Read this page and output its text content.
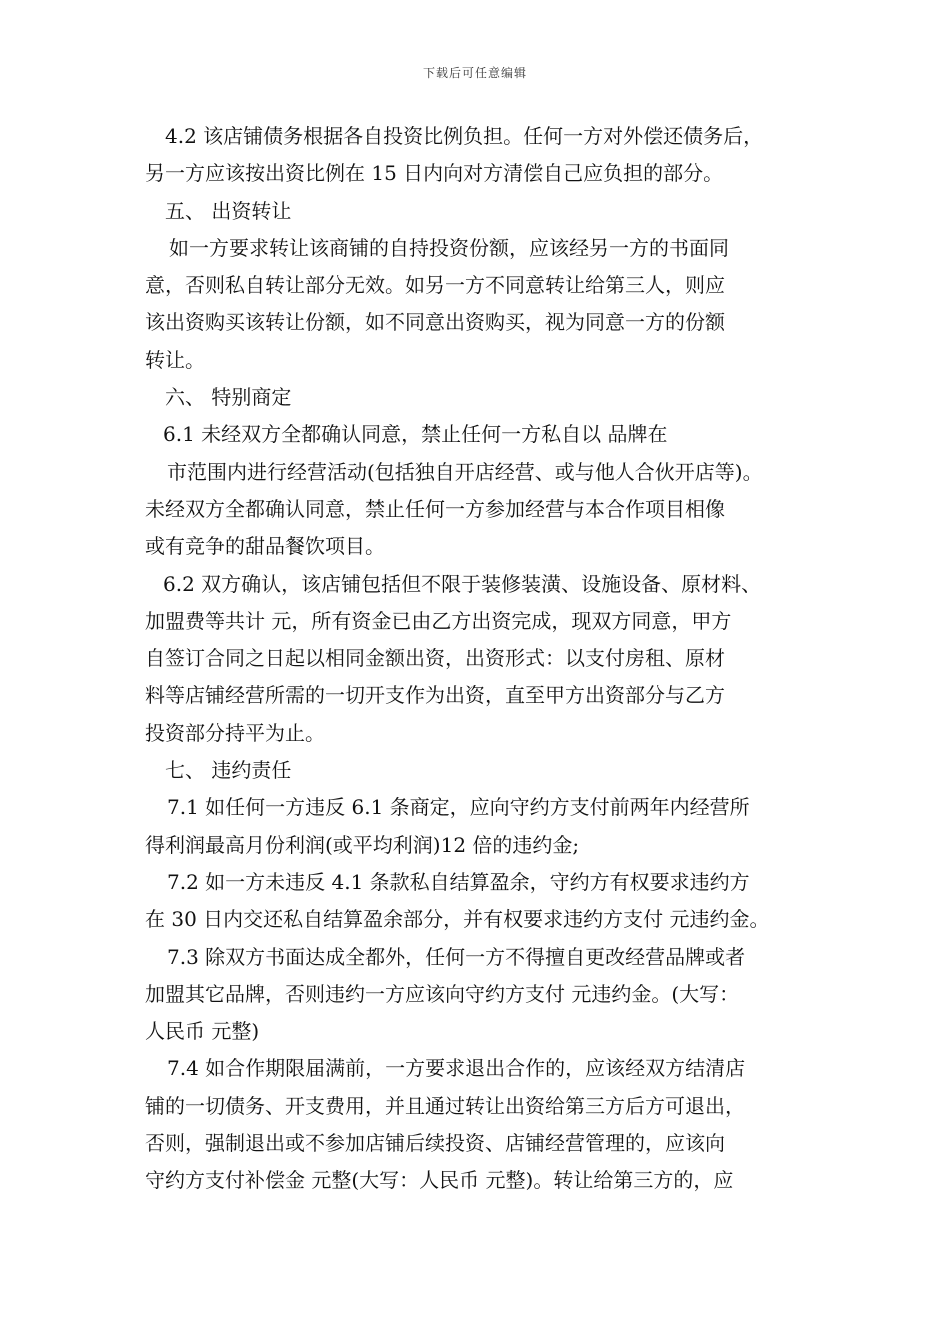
下载后可任意编辑
4.2 该店铺债务根据各自投资比例负担。任何一方对外偿还债务后，
另一方应该按出资比例在 15 日内向对方清偿自己应负担的部分。
五、 出资转让
如一方要求转让该商铺的自持投资份额，应该经另一方的书面同
意，否则私自转让部分无效。如另一方不同意转让给第三人，则应
该出资购买该转让份额，如不同意出资购买，视为同意一方的份额
转让。
六、 特别商定
6.1 未经双方全都确认同意，禁止任何一方私自以 品牌在
市范围内进行经营活动(包括独自开店经营、或与他人合伙开店等)。
未经双方全都确认同意，禁止任何一方参加经营与本合作项目相像
或有竞争的甜品餐饮项目。
6.2 双方确认，该店铺包括但不限于装修装潢、设施设备、原材料、
加盟费等共计 元，所有资金已由乙方出资完成，现双方同意，甲方
自签订合同之日起以相同金额出资，出资形式：以支付房租、原材
料等店铺经营所需的一切开支作为出资，直至甲方出资部分与乙方
投资部分持平为止。
七、 违约责任
7.1 如任何一方违反 6.1 条商定，应向守约方支付前两年内经营所
得利润最高月份利润(或平均利润)12 倍的违约金;
7.2 如一方未违反 4.1 条款私自结算盈余，守约方有权要求违约方
在 30 日内交还私自结算盈余部分，并有权要求违约方支付 元违约金。
7.3 除双方书面达成全都外，任何一方不得擅自更改经营品牌或者
加盟其它品牌，否则违约一方应该向守约方支付 元违约金。(大写：
人民币 元整)
7.4 如合作期限届满前，一方要求退出合作的，应该经双方结清店
铺的一切债务、开支费用，并且通过转让出资给第三方后方可退出，
否则，强制退出或不参加店铺后续投资、店铺经营管理的，应该向
守约方支付补偿金 元整(大写：人民币 元整)。转让给第三方的，应
